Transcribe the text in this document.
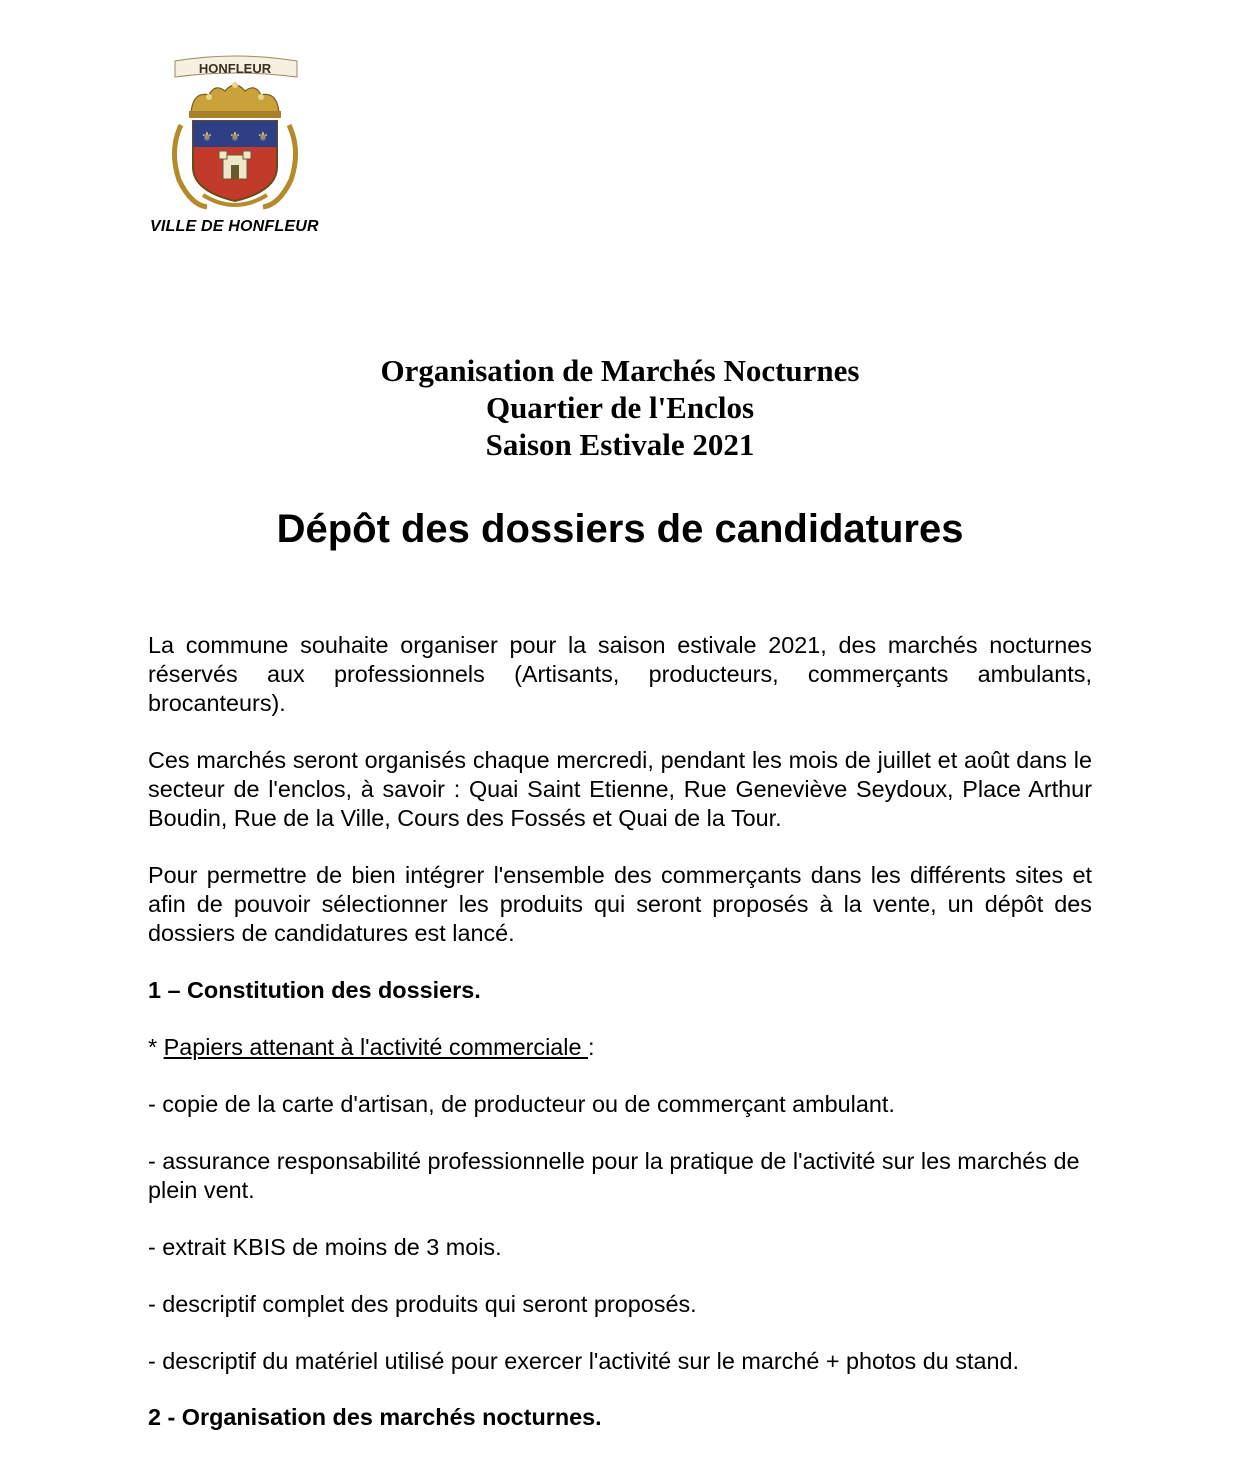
HONFLEUR
⚜ ⚜ ⚜
VILLE DE HONFLEUR
Organisation de Marchés Nocturnes
Quartier de l'Enclos
Saison Estivale 2021
Dépôt des dossiers de candidatures

La commune souhaite organiser pour la saison estivale 2021, des marchés nocturnes réservés aux professionnels (Artisants, producteurs, commerçants ambulants, brocanteurs).

Ces marchés seront organisés chaque mercredi, pendant les mois de juillet et août dans le secteur de l'enclos, à savoir : Quai Saint Etienne, Rue Geneviève Seydoux, Place Arthur Boudin, Rue de la Ville, Cours des Fossés et Quai de la Tour.

Pour permettre de bien intégrer l'ensemble des commerçants dans les différents sites et afin de pouvoir sélectionner les produits qui seront proposés à la vente, un dépôt des dossiers de candidatures est lancé.

1 – Constitution des dossiers.

* Papiers attenant à l'activité commerciale :

- copie de la carte d'artisan, de producteur ou de commerçant ambulant.

- assurance responsabilité professionnelle pour la pratique de l'activité sur les marchés de plein vent.

- extrait KBIS de moins de 3 mois.

- descriptif complet des produits qui seront proposés.

- descriptif du matériel utilisé pour exercer l'activité sur le marché + photos du stand.

2 - Organisation des marchés nocturnes.
